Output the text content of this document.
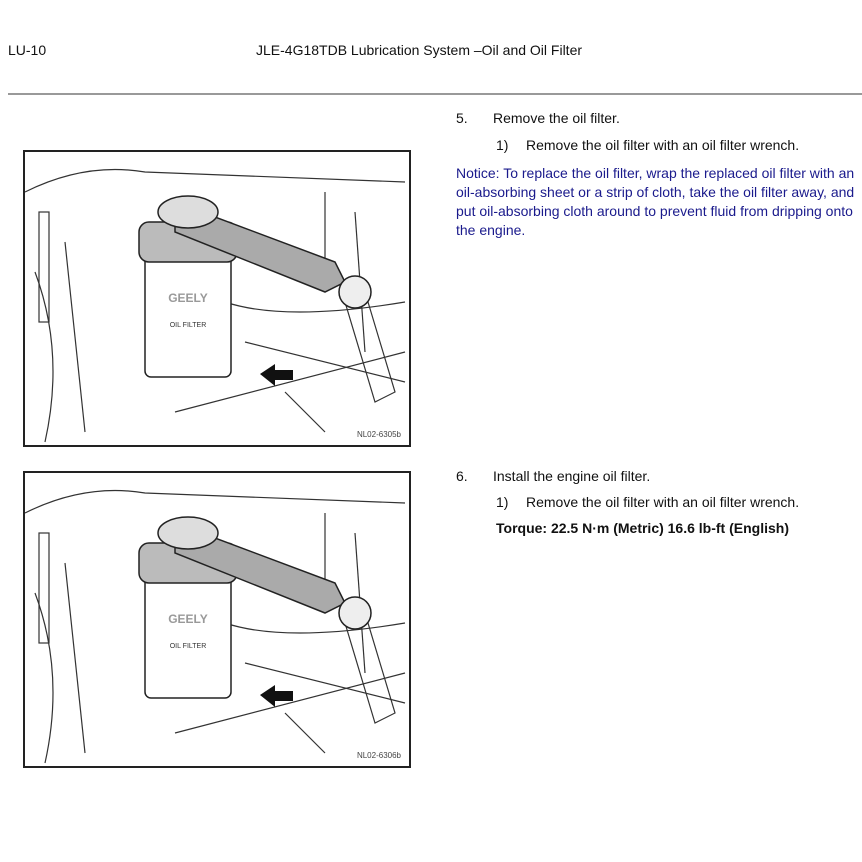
LU-10	JLE-4G18TDB Lubrication System –Oil and Oil Filter
GEELY
OIL FILTER
NL02-6305b
5. Remove the oil filter.
1) Remove the oil filter with an oil filter wrench.
Notice: To replace the oil filter, wrap the replaced oil filter with an oil-absorbing sheet or a strip of cloth, take the oil filter away, and put oil-absorbing cloth around to prevent fluid from dripping onto the engine.
GEELY
OIL FILTER
NL02-6306b
6. Install the engine oil filter.
1) Remove the oil filter with an oil filter wrench.
Torque: 22.5 N·m (Metric) 16.6 lb-ft (English)
